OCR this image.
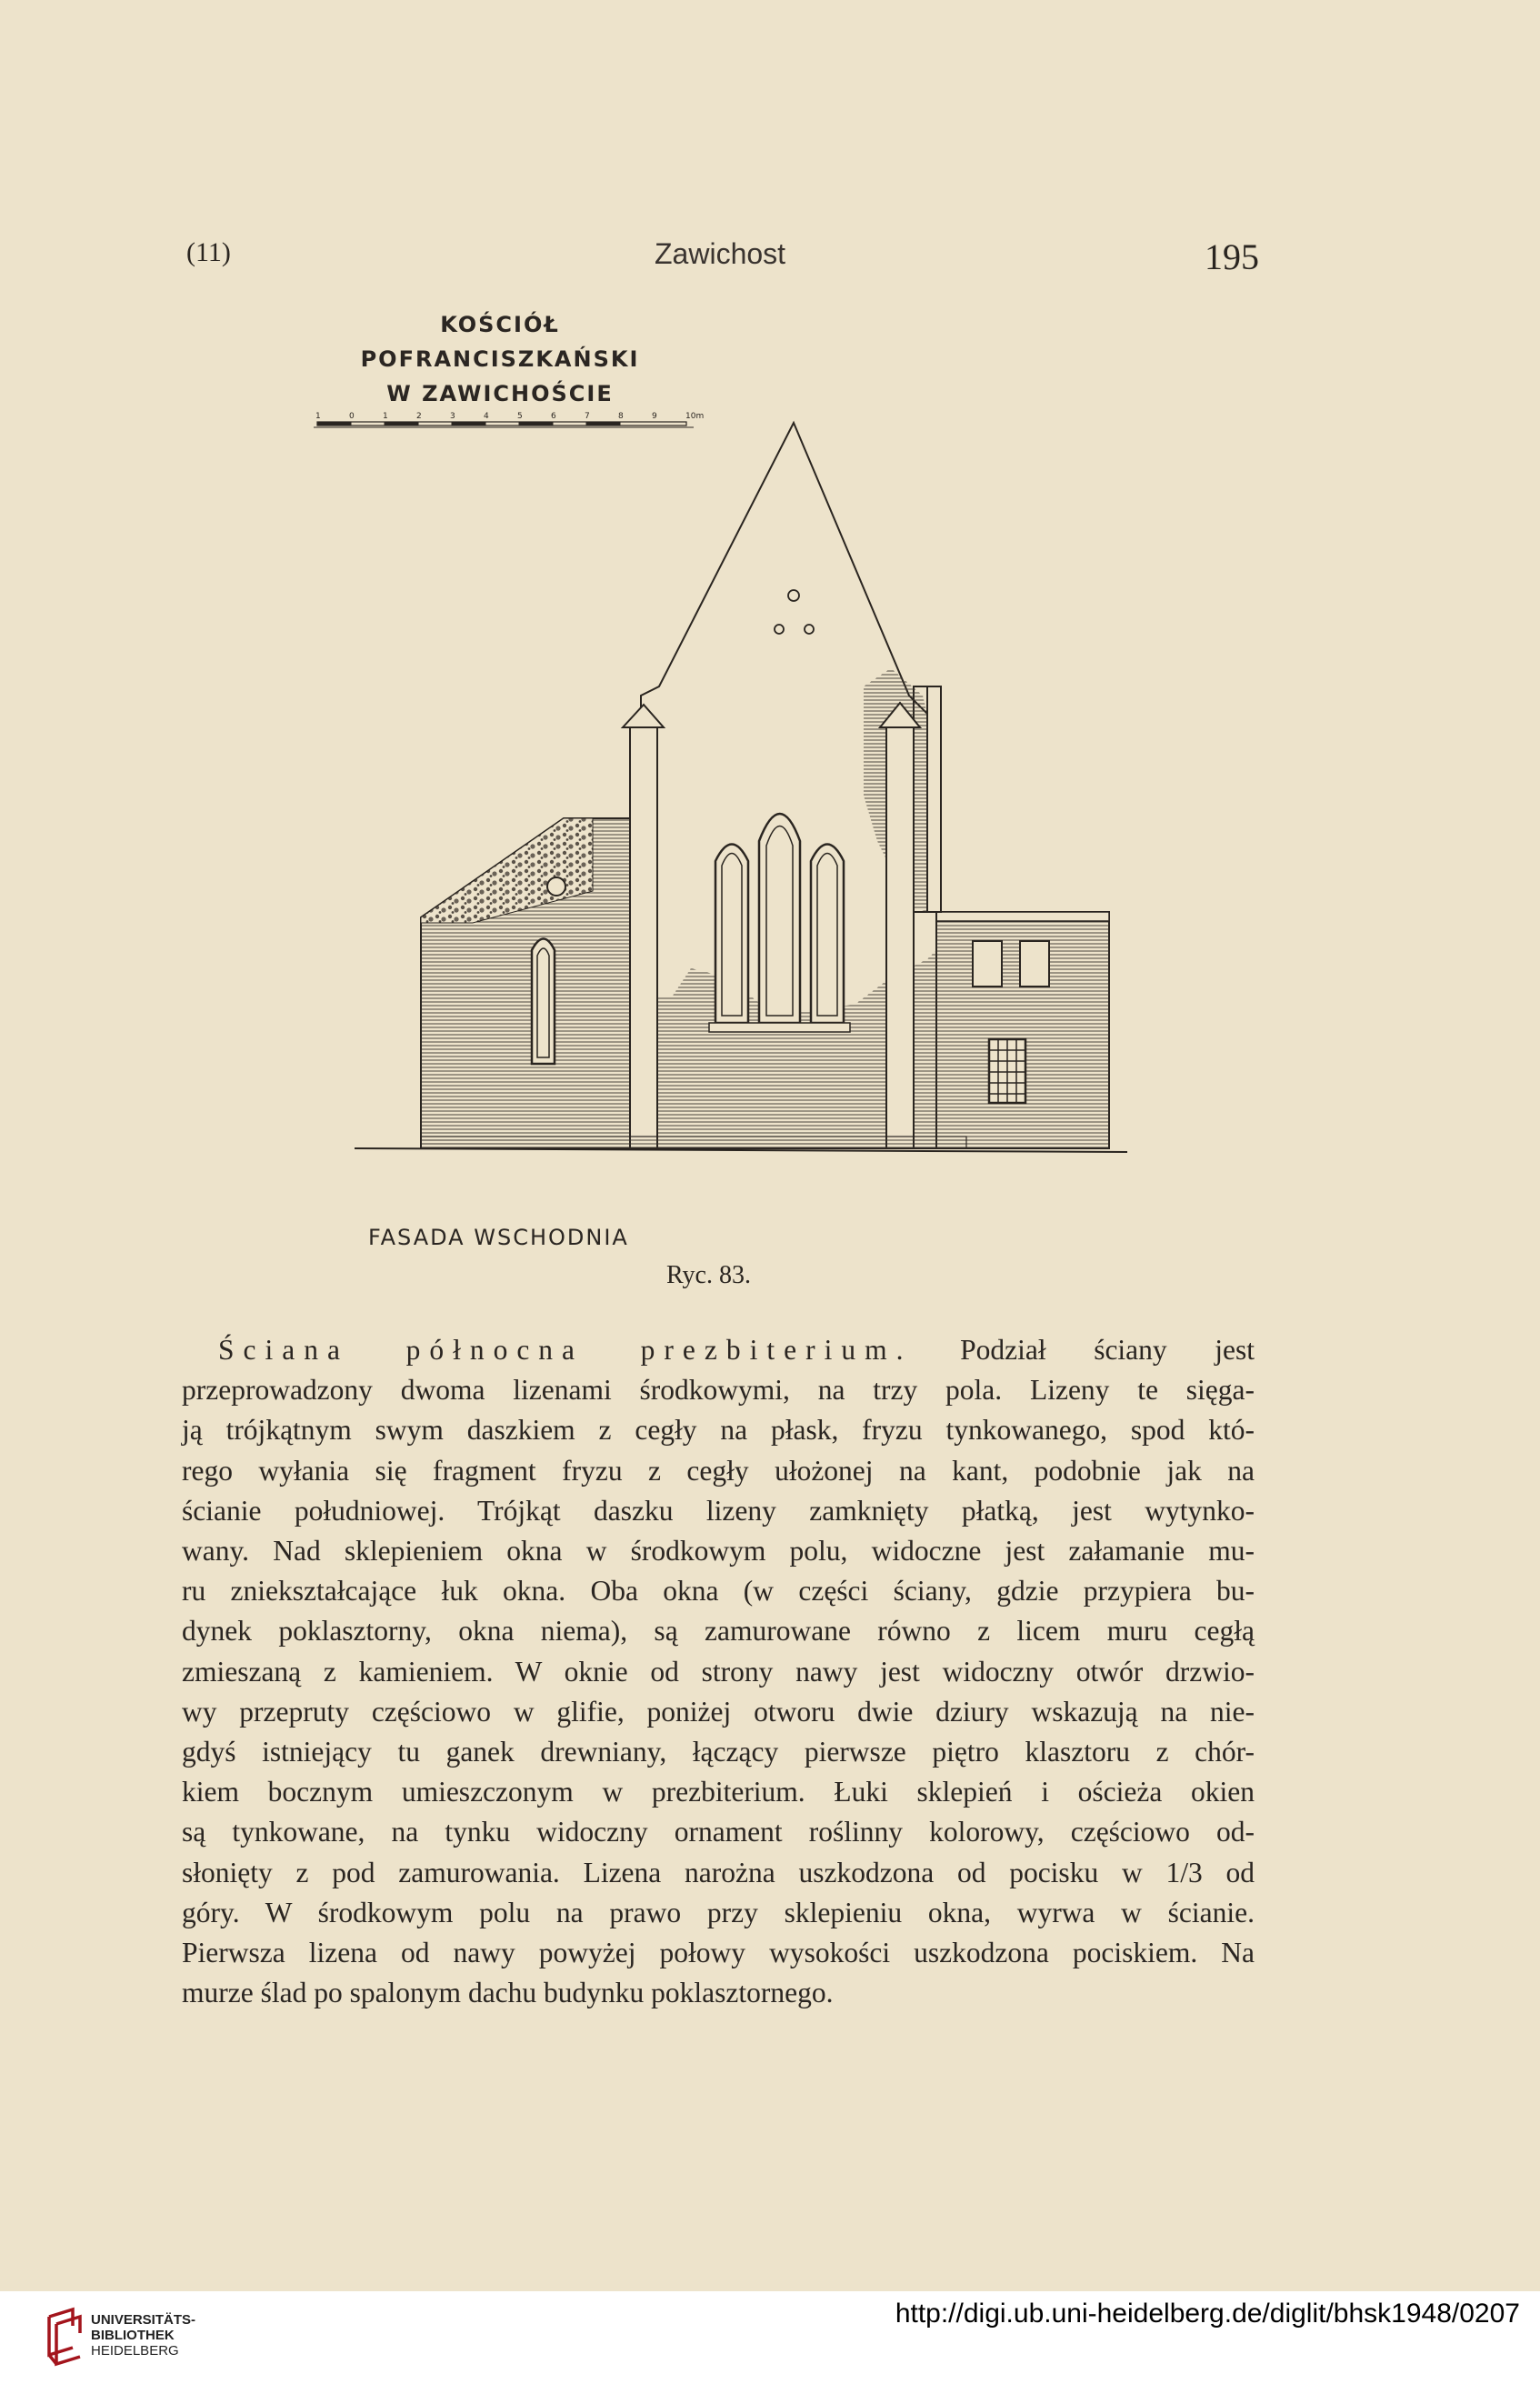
(11)	Zawichost	195
KOŚCIÓŁ POFRANCISZKAŃSKI
W ZAWICHOŚCIE
1	0	1	2	3	4	5	6	7	8	9	10m
FASADA WSCHODNIA
Ryc. 83.
Ściana północna prezbiterium. Podział ściany jest
przeprowadzony dwoma lizenami środkowymi, na trzy pola. Lizeny te sięga-
ją trójkątnym swym daszkiem z cegły na płask, fryzu tynkowanego, spod któ-
rego wyłania się fragment fryzu z cegły ułożonej na kant, podobnie jak na
ścianie południowej. Trójkąt daszku lizeny zamknięty płatką, jest wytynko-
wany. Nad sklepieniem okna w środkowym polu, widoczne jest załamanie mu-
ru zniekształcające łuk okna. Oba okna (w części ściany, gdzie przypiera bu-
dynek poklasztorny, okna niema), są zamurowane równo z licem muru cegłą
zmieszaną z kamieniem. W oknie od strony nawy jest widoczny otwór drzwio-
wy przepruty częściowo w glifie, poniżej otworu dwie dziury wskazują na nie-
gdyś istniejący tu ganek drewniany, łączący pierwsze piętro klasztoru z chór-
kiem bocznym umieszczonym w prezbiterium. Łuki sklepień i ościeża okien
są tynkowane, na tynku widoczny ornament roślinny kolorowy, częściowo od-
słonięty z pod zamurowania. Lizena narożna uszkodzona od pocisku w 1/3 od
góry. W środkowym polu na prawo przy sklepieniu okna, wyrwa w ścianie.
Pierwsza lizena od nawy powyżej połowy wysokości uszkodzona pociskiem. Na
murze ślad po spalonym dachu budynku poklasztornego.
UNIVERSITÄTS-
BIBLIOTHEK
HEIDELBERG
http://digi.ub.uni-heidelberg.de/diglit/bhsk1948/0207
